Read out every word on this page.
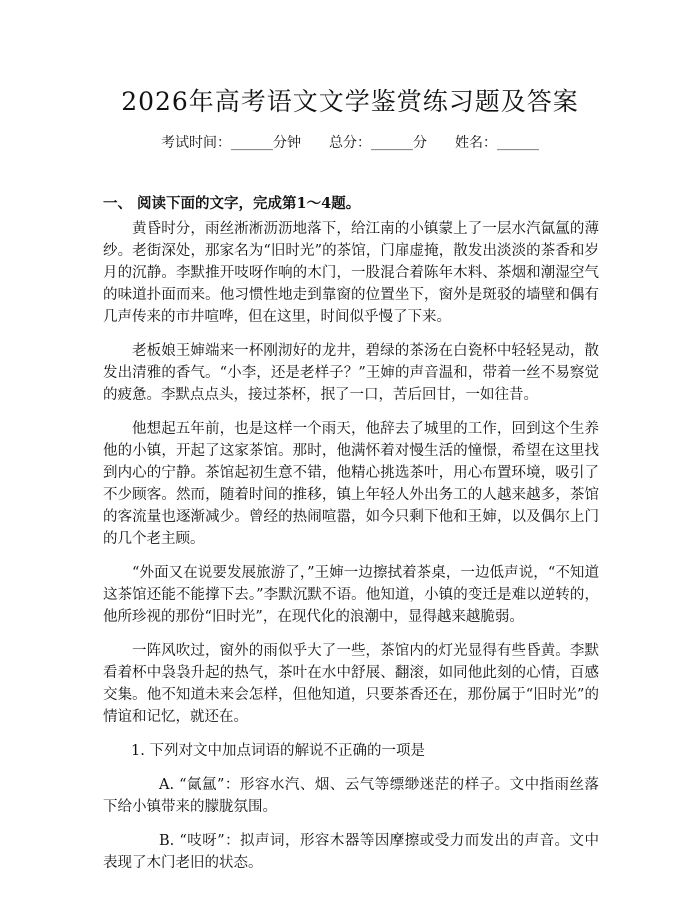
2026年高考语文文学鉴赏练习题及答案
考试时间：______分钟 总分：______分 姓名：______
一、 阅读下面的文字，完成第1～4题。

黄昏时分，雨丝淅淅沥沥地落下，给江南的小镇蒙上了一层水汽氤氲的薄纱。老街深处，那家名为“旧时光”的茶馆，门扉虚掩，散发出淡淡的茶香和岁月的沉静。李默推开吱呀作响的木门，一股混合着陈年木料、茶烟和潮湿空气的味道扑面而来。他习惯性地走到靠窗的位置坐下，窗外是斑驳的墙壁和偶有几声传来的市井喧哗，但在这里，时间似乎慢了下来。

老板娘王婶端来一杯刚沏好的龙井，碧绿的茶汤在白瓷杯中轻轻晃动，散发出清雅的香气。“小李，还是老样子？”王婶的声音温和，带着一丝不易察觉的疲惫。李默点点头，接过茶杯，抿了一口，苦后回甘，一如往昔。

他想起五年前，也是这样一个雨天，他辞去了城里的工作，回到这个生养他的小镇，开起了这家茶馆。那时，他满怀着对慢生活的憧憬，希望在这里找到内心的宁静。茶馆起初生意不错，他精心挑选茶叶，用心布置环境，吸引了不少顾客。然而，随着时间的推移，镇上年轻人外出务工的人越来越多，茶馆的客流量也逐渐减少。曾经的热闹喧嚣，如今只剩下他和王婶，以及偶尔上门的几个老主顾。

“外面又在说要发展旅游了，”王婶一边擦拭着茶桌，一边低声说，“不知道这茶馆还能不能撑下去。”李默沉默不语。他知道，小镇的变迁是难以逆转的，他所珍视的那份“旧时光”，在现代化的浪潮中，显得越来越脆弱。

一阵风吹过，窗外的雨似乎大了一些，茶馆内的灯光显得有些昏黄。李默看着杯中袅袅升起的热气，茶叶在水中舒展、翻滚，如同他此刻的心情，百感交集。他不知道未来会怎样，但他知道，只要茶香还在，那份属于“旧时光”的情谊和记忆，就还在。

1. 下列对文中加点词语的解说不正确的一项是

A. “氤氲”：形容水汽、烟、云气等缥缈迷茫的样子。文中指雨丝落下给小镇带来的朦胧氛围。

B. “吱呀”：拟声词，形容木器等因摩擦或受力而发出的声音。文中表现了木门老旧的状态。
